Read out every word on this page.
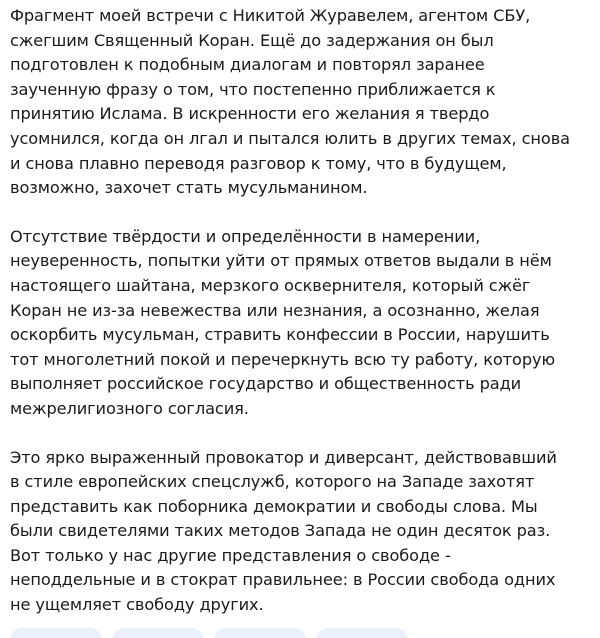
Фрагмент моей встречи с Никитой Журавелем, агентом СБУ,
сжегшим Священный Коран. Ещё до задержания он был
подготовлен к подобным диалогам и повторял заранее
заученную фразу о том, что постепенно приближается к
принятию Ислама. В искренности его желания я твердо
усомнился, когда он лгал и пытался юлить в других темах, снова
и снова плавно переводя разговор к тому, что в будущем,
возможно, захочет стать мусульманином.

Отсутствие твёрдости и определённости в намерении,
неуверенность, попытки уйти от прямых ответов выдали в нём
настоящего шайтана, мерзкого осквернителя, который сжёг
Коран не из-за невежества или незнания, а осознанно, желая
оскорбить мусульман, стравить конфессии в России, нарушить
тот многолетний покой и перечеркнуть всю ту работу, которую
выполняет российское государство и общественность ради
межрелигиозного согласия.

Это ярко выраженный провокатор и диверсант, действовавший
в стиле европейских спецслужб, которого на Западе захотят
представить как поборника демократии и свободы слова. Мы
были свидетелями таких методов Запада не один десяток раз.
Вот только у нас другие представления о свободе -
неподдельные и в стократ правильнее: в России свобода одних
не ущемляет свободу других.
